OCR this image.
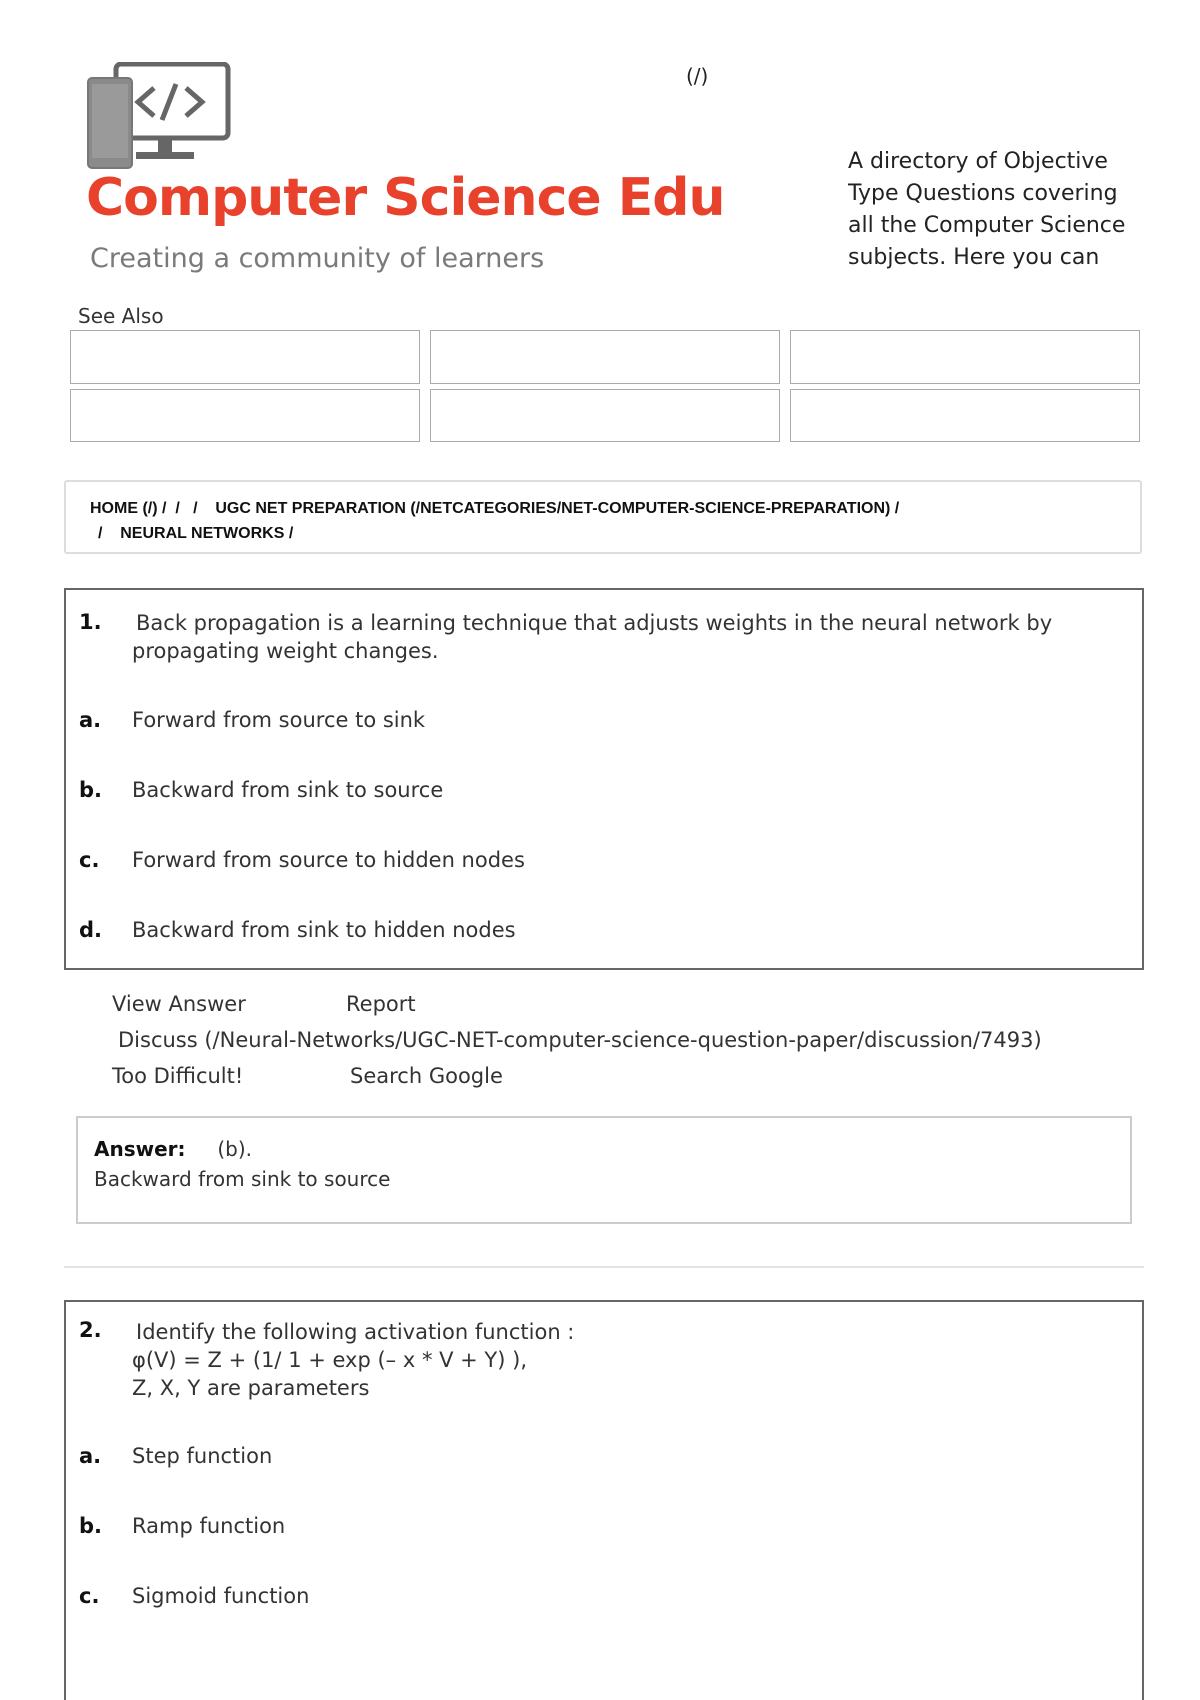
(/)
Computer Science Edu
Creating a community of learners
A directory of Objective Type Questions covering all the Computer Science subjects. Here you can
See Also
HOME (/) / / / UGC NET PREPARATION (/NETCATEGORIES/NET-COMPUTER-SCIENCE-PREPARATION) /
/ NEURAL NETWORKS /
1. Back propagation is a learning technique that adjusts weights in the neural network by propagating weight changes.
a. Forward from source to sink
b. Backward from sink to source
c. Forward from source to hidden nodes
d. Backward from sink to hidden nodes
View Answer	Report
Discuss (/Neural-Networks/UGC-NET-computer-science-question-paper/discussion/7493)
Too Difficult!	Search Google
Answer: (b).
Backward from sink to source
2. Identify the following activation function :
φ(V) = Z + (1/ 1 + exp (– x * V + Y) ),
Z, X, Y are parameters
a. Step function
b. Ramp function
c. Sigmoid function
